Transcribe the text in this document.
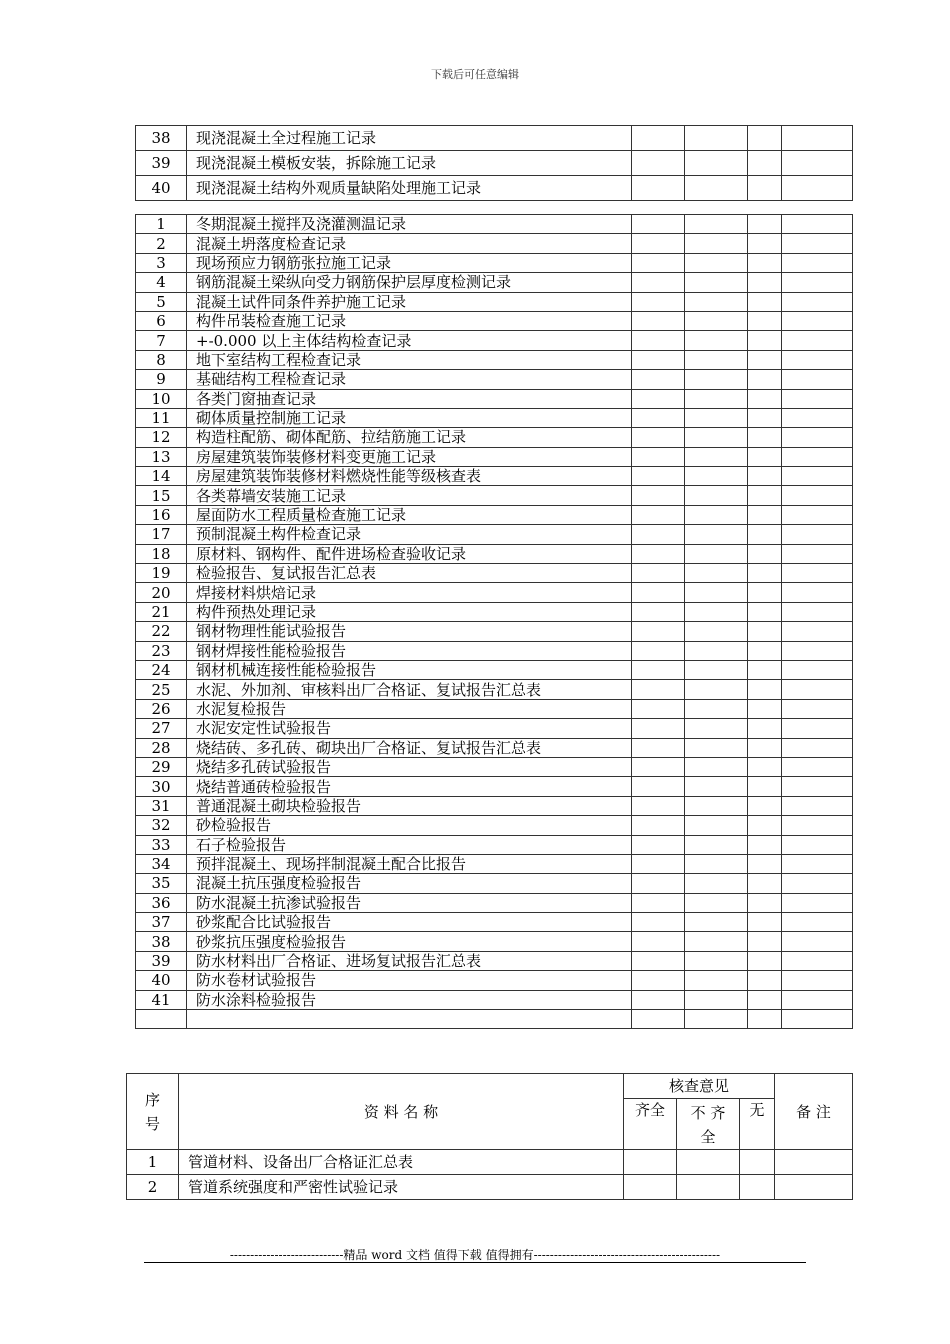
下载后可任意编辑
38	现浇混凝土全过程施工记录				
39	现浇混凝土模板安装，拆除施工记录				
40	现浇混凝土结构外观质量缺陷处理施工记录				
1	冬期混凝土搅拌及浇灌测温记录				
2	混凝土坍落度检查记录				
3	现场预应力钢筋张拉施工记录				
4	钢筋混凝土梁纵向受力钢筋保护层厚度检测记录				
5	混凝土试件同条件养护施工记录				
6	构件吊装检查施工记录				
7	+-0.000 以上主体结构检查记录				
8	地下室结构工程检查记录				
9	基础结构工程检查记录				
10	各类门窗抽查记录				
11	砌体质量控制施工记录				
12	构造柱配筋、砌体配筋、拉结筋施工记录				
13	房屋建筑装饰装修材料变更施工记录				
14	房屋建筑装饰装修材料燃烧性能等级核查表				
15	各类幕墙安装施工记录				
16	屋面防水工程质量检查施工记录				
17	预制混凝土构件检查记录				
18	原材料、钢构件、配件进场检查验收记录				
19	检验报告、复试报告汇总表				
20	焊接材料烘焙记录				
21	构件预热处理记录				
22	钢材物理性能试验报告				
23	钢材焊接性能检验报告				
24	钢材机械连接性能检验报告				
25	水泥、外加剂、审核料出厂合格证、复试报告汇总表				
26	水泥复检报告				
27	水泥安定性试验报告				
28	烧结砖、多孔砖、砌块出厂合格证、复试报告汇总表				
29	烧结多孔砖试验报告				
30	烧结普通砖检验报告				
31	普通混凝土砌块检验报告				
32	砂检验报告				
33	石子检验报告				
34	预拌混凝土、现场拌制混凝土配合比报告				
35	混凝土抗压强度检验报告				
36	防水混凝土抗渗试验报告				
37	砂浆配合比试验报告				
38	砂浆抗压强度检验报告				
39	防水材料出厂合格证、进场复试报告汇总表				
40	防水卷材试验报告				
41	防水涂料检验报告				

序号	资 料 名 称	核查意见			备 注
		齐全	不 齐 全	无	
1	管道材料、设备出厂合格证汇总表				
2	管道系统强度和严密性试验记录				
----------------------------精品 word 文档 值得下载 值得拥有----------------------------------------------
